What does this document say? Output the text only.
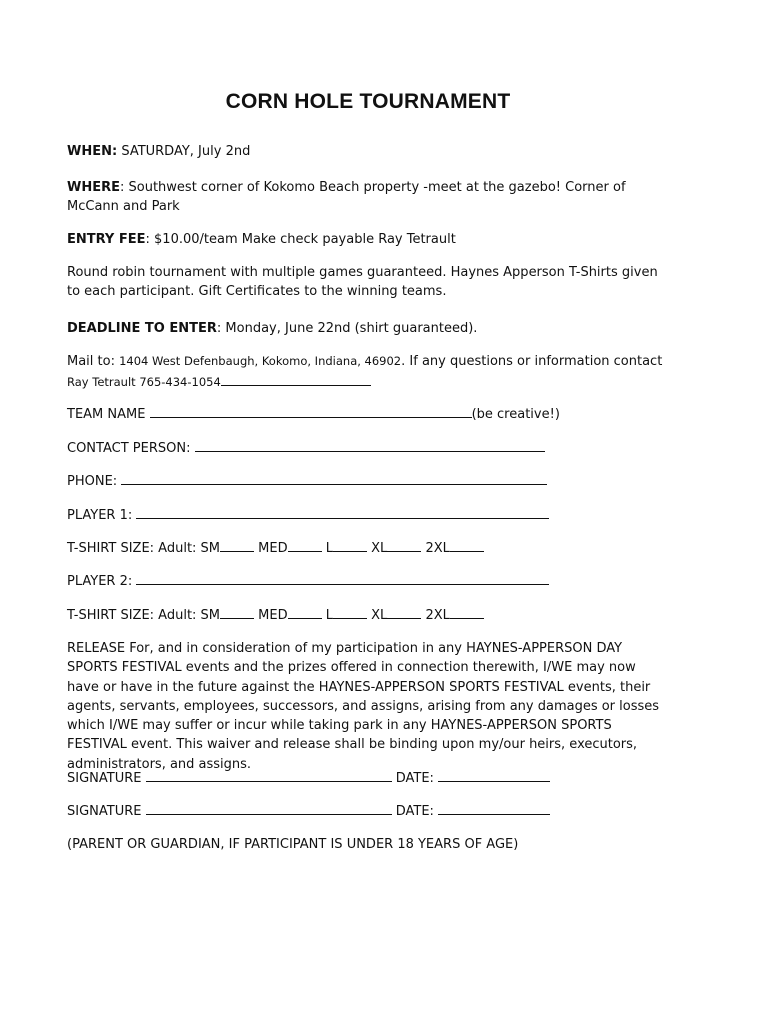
CORN HOLE TOURNAMENT
WHEN: SATURDAY, July 2nd
WHERE: Southwest corner of Kokomo Beach property -meet at the gazebo! Corner of McCann and Park
ENTRY FEE: $10.00/team Make check payable Ray Tetrault
Round robin tournament with multiple games guaranteed. Haynes Apperson T-Shirts given to each participant. Gift Certificates to the winning teams.
DEADLINE TO ENTER: Monday, June 22nd (shirt guaranteed).
Mail to: 1404 West Defenbaugh, Kokomo, Indiana, 46902. If any questions or information contact
Ray Tetrault 765-434-1054
TEAM NAME	(be creative!)
CONTACT PERSON:
PHONE:
PLAYER 1:
T-SHIRT SIZE: Adult: SM	MED	L	XL	2XL
PLAYER 2:
T-SHIRT SIZE: Adult: SM	MED	L	XL	2XL
RELEASE For, and in consideration of my participation in any HAYNES-APPERSON DAY SPORTS FESTIVAL events and the prizes offered in connection therewith, I/WE may now have or have in the future against the HAYNES-APPERSON SPORTS FESTIVAL events, their agents, servants, employees, successors, and assigns, arising from any damages or losses which I/WE may suffer or incur while taking park in any HAYNES-APPERSON SPORTS FESTIVAL event. This waiver and release shall be binding upon my/our heirs, executors, administrators, and assigns.
SIGNATURE	DATE:
SIGNATURE	DATE:
(PARENT OR GUARDIAN, IF PARTICIPANT IS UNDER 18 YEARS OF AGE)
